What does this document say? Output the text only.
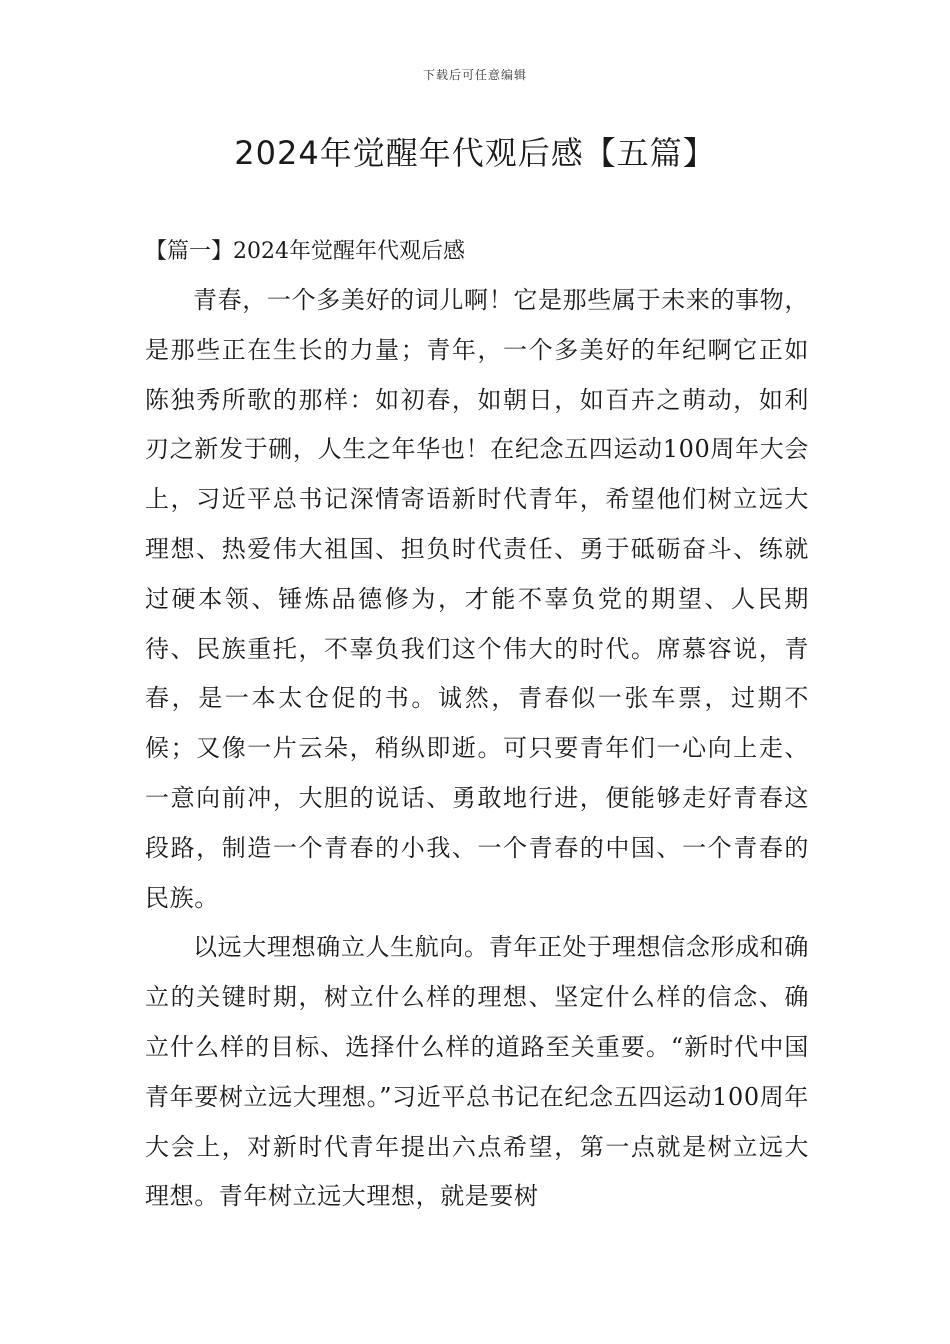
下载后可任意编辑
2024年觉醒年代观后感【五篇】
【篇一】2024年觉醒年代观后感

青春，一个多美好的词儿啊！它是那些属于未来的事物，是那些正在生长的力量；青年，一个多美好的年纪啊它正如陈独秀所歌的那样：如初春，如朝日，如百卉之萌动，如利刃之新发于硎，人生之年华也！在纪念五四运动100周年大会上，习近平总书记深情寄语新时代青年，希望他们树立远大理想、热爱伟大祖国、担负时代责任、勇于砥砺奋斗、练就过硬本领、锤炼品德修为，才能不辜负党的期望、人民期待、民族重托，不辜负我们这个伟大的时代。席慕容说，青春，是一本太仓促的书。诚然，青春似一张车票，过期不候；又像一片云朵，稍纵即逝。可只要青年们一心向上走、一意向前冲，大胆的说话、勇敢地行进，便能够走好青春这段路，制造一个青春的小我、一个青春的中国、一个青春的民族。

以远大理想确立人生航向。青年正处于理想信念形成和确立的关键时期，树立什么样的理想、坚定什么样的信念、确立什么样的目标、选择什么样的道路至关重要。“新时代中国青年要树立远大理想。”习近平总书记在纪念五四运动100周年大会上，对新时代青年提出六点希望，第一点就是树立远大理想。青年树立远大理想，就是要树
